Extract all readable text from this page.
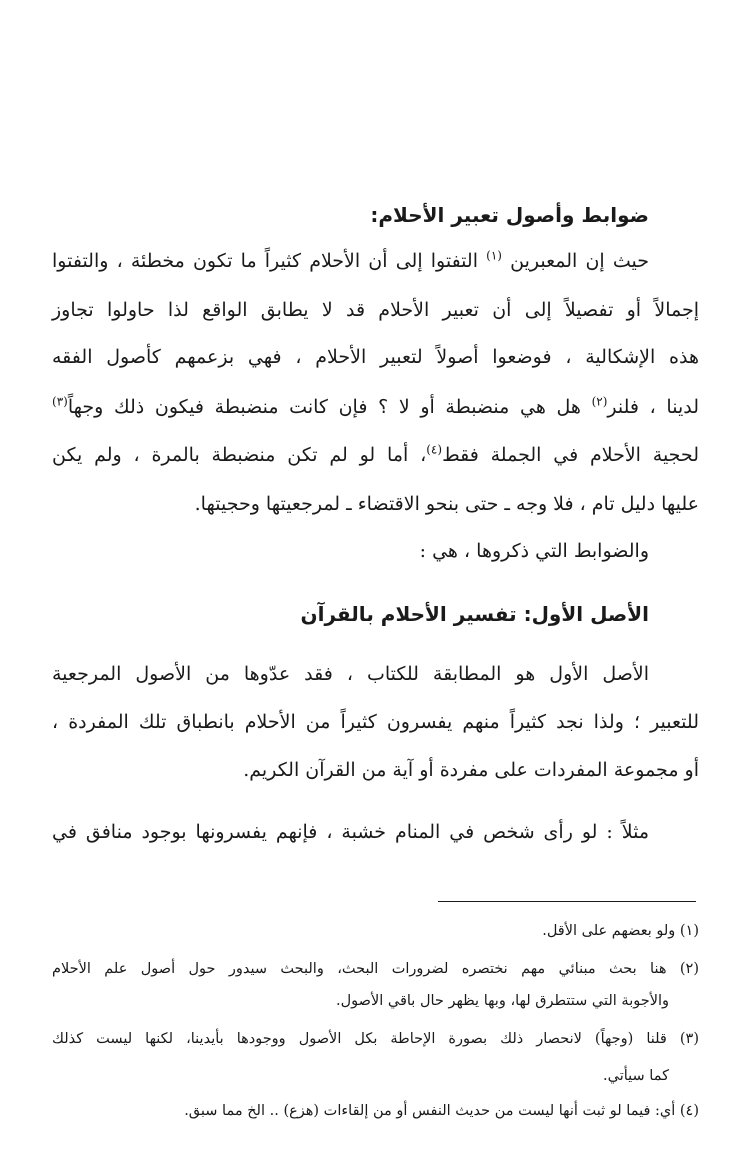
ضوابط وأصول تعبير الأحلام:
حيث إن المعبرين $^{(١)}$ التفتوا إلى أن الأحلام كثيراً ما تكون مخطئة ، والتفتوا
إجمالاً أو تفصيلاً إلى أن تعبير الأحلام قد لا يطابق الواقع لذا حاولوا تجاوز
هذه الإشكالية ، فوضعوا أصولاً لتعبير الأحلام ، فهي بزعمهم كأصول الفقه
لدينا ، فلنر$^{(٢)}$ هل هي منضبطة أو لا ؟ فإن كانت منضبطة فيكون ذلك وجهاً$^{(٣)}$
لحجية الأحلام في الجملة فقط$^{(٤)}$، أما لو لم تكن منضبطة بالمرة ، ولم يكن
عليها دليل تام ، فلا وجه ـ حتى بنحو الاقتضاء ـ لمرجعيتها وحجيتها.
والضوابط التي ذكروها ، هي :
الأصل الأول: تفسير الأحلام بالقرآن
الأصل الأول هو المطابقة للكتاب ، فقد عدّوها من الأصول المرجعية
للتعبير ؛ ولذا نجد كثيراً منهم يفسرون كثيراً من الأحلام بانطباق تلك المفردة ،
أو مجموعة المفردات على مفردة أو آية من القرآن الكريم.
مثلاً : لو رأى شخص في المنام خشبة ، فإنهم يفسرونها بوجود منافق في
(١) ولو بعضهم على الأقل.
(٢) هنا بحث مبنائي مهم نختصره لضرورات البحث، والبحث سيدور حول أصول علم الأحلام
والأجوبة التي ستتطرق لها، وبها يظهر حال باقي الأصول.
(٣) قلنا (وجهاً) لانحصار ذلك بصورة الإحاطة بكل الأصول ووجودها بأيدينا، لكنها ليست كذلك
كما سيأتي.
(٤) أي: فيما لو ثبت أنها ليست من حديث النفس أو من إلقاءات (هزع) .. الخ مما سبق.
